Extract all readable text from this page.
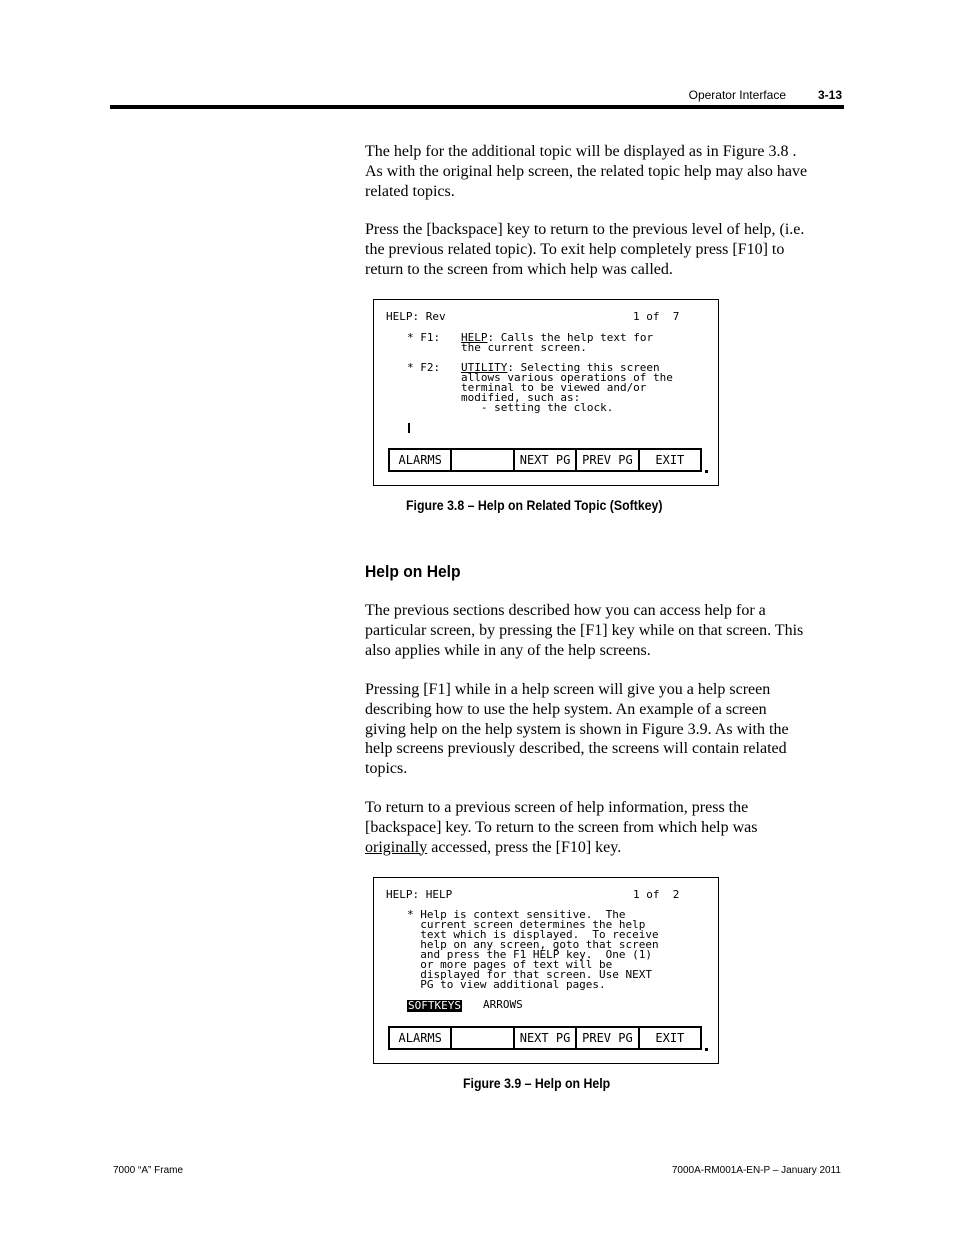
Operator Interface	3-13
The help for the additional topic will be displayed as in Figure 3.8 .
As with the original help screen, the related topic help may also have
related topics.
Press the [backspace] key to return to the previous level of help, (i.e.
the previous related topic). To exit help completely press [F10] to
return to the screen from which help was called.
HELP: Rev	1 of  7
* F1: HELP: Calls the help text for
the current screen.
* F2: UTILITY: Selecting this screen
allows various operations of the
terminal to be viewed and/or
modified, such as:
- setting the clock.
ALARMS	NEXT PG PREV PG	EXIT
Figure 3.8 – Help on Related Topic (Softkey)
Help on Help
The previous sections described how you can access help for a
particular screen, by pressing the [F1] key while on that screen. This
also applies while in any of the help screens.
Pressing [F1] while in a help screen will give you a help screen
describing how to use the help system. An example of a screen
giving help on the help system is shown in Figure 3.9. As with the
help screens previously described, the screens will contain related
topics.
To return to a previous screen of help information, press the
[backspace] key. To return to the screen from which help was
originally accessed, press the [F10] key.
HELP: HELP	1 of  2
* Help is context sensitive.  The
current screen determines the help
text which is displayed.  To receive
help on any screen, goto that screen
and press the F1 HELP key.  One (1)
or more pages of text will be
displayed for that screen. Use NEXT
PG to view additional pages.
SOFTKEYS ARROWS
ALARMS	NEXT PG PREV PG	EXIT
Figure 3.9 – Help on Help
7000 “A” Frame	7000A-RM001A-EN-P – January 2011
